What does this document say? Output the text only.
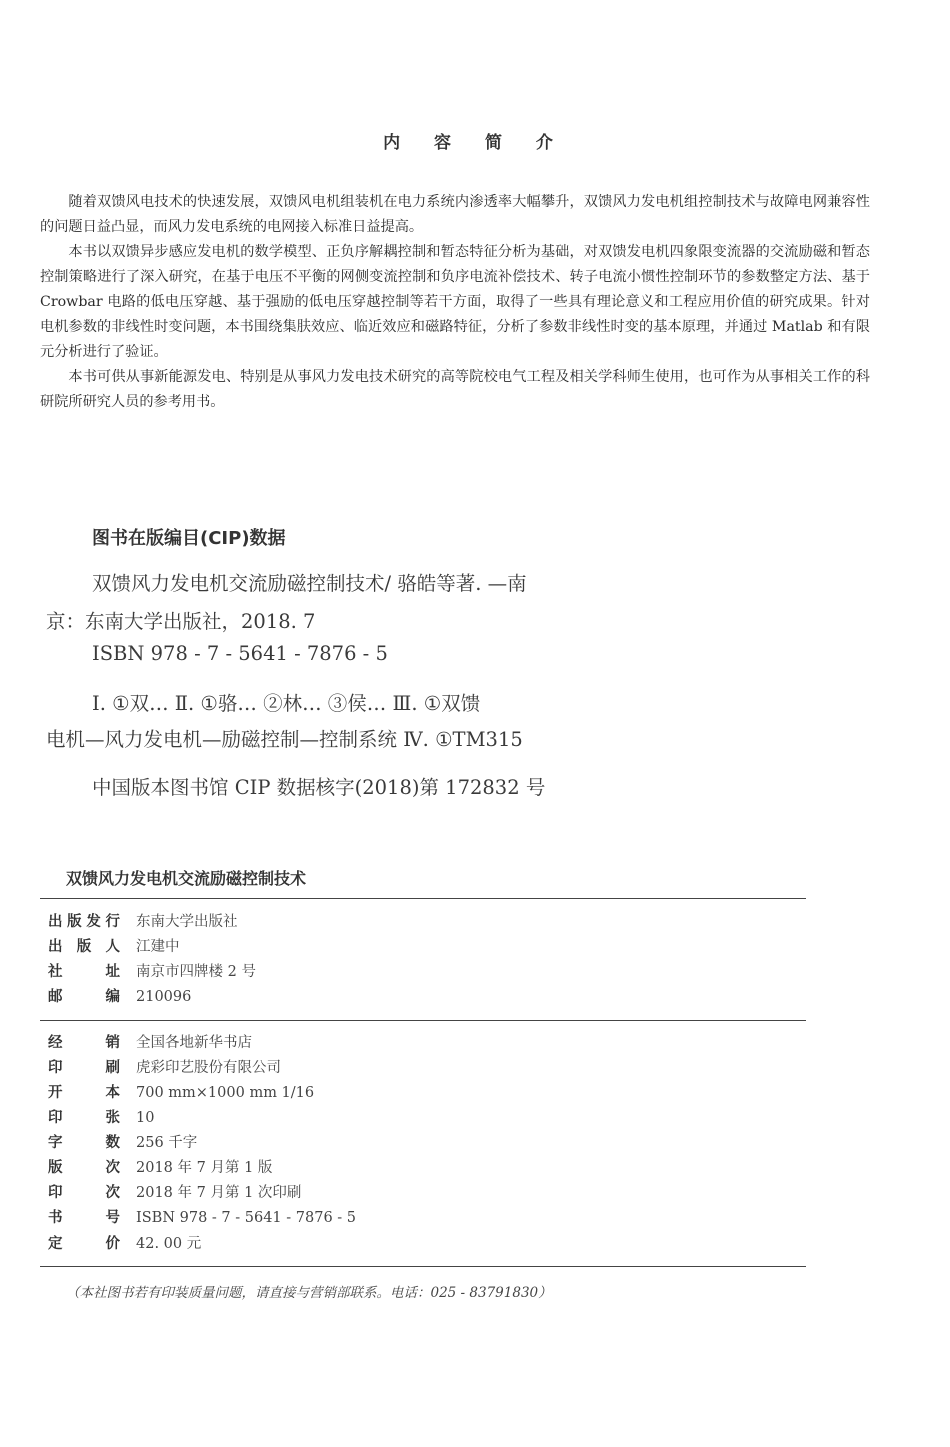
内 容 简 介

随着双馈风电技术的快速发展，双馈风电机组装机在电力系统内渗透率大幅攀升，双馈风力发电机组控制技术与故障电网兼容性的问题日益凸显，而风力发电系统的电网接入标准日益提高。

本书以双馈异步感应发电机的数学模型、正负序解耦控制和暂态特征分析为基础，对双馈发电机四象限变流器的交流励磁和暂态控制策略进行了深入研究，在基于电压不平衡的网侧变流控制和负序电流补偿技术、转子电流小惯性控制环节的参数整定方法、基于 Crowbar 电路的低电压穿越、基于强励的低电压穿越控制等若干方面，取得了一些具有理论意义和工程应用价值的研究成果。针对电机参数的非线性时变问题，本书围绕集肤效应、临近效应和磁路特征，分析了参数非线性时变的基本原理，并通过 Matlab 和有限元分析进行了验证。

本书可供从事新能源发电、特别是从事风力发电技术研究的高等院校电气工程及相关学科师生使用，也可作为从事相关工作的科研院所研究人员的参考用书。

图书在版编目(CIP)数据
双馈风力发电机交流励磁控制技术/ 骆皓等著. —南
京：东南大学出版社，2018. 7
ISBN 978 - 7 - 5641 - 7876 - 5
Ⅰ. ①双… Ⅱ. ①骆… ②林… ③侯… Ⅲ. ①双馈
电机—风力发电机—励磁控制—控制系统 Ⅳ. ①TM315
中国版本图书馆 CIP 数据核字(2018)第 172832 号
双馈风力发电机交流励磁控制技术
出版发行 东南大学出版社
出版人 江建中
社址 南京市四牌楼 2 号
邮编 210096
经销 全国各地新华书店
印刷 虎彩印艺股份有限公司
开本 700 mm×1000 mm 1/16
印张 10
字数 256 千字
版次 2018 年 7 月第 1 版
印次 2018 年 7 月第 1 次印刷
书号 ISBN 978 - 7 - 5641 - 7876 - 5
定价 42. 00 元
（本社图书若有印装质量问题，请直接与营销部联系。电话：025 - 83791830）
